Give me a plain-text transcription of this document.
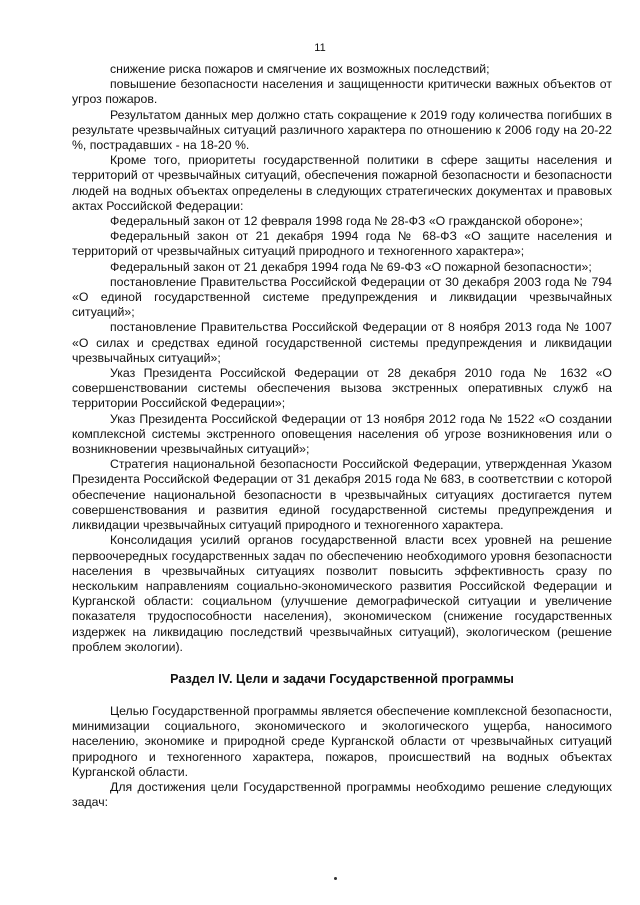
11

снижение риска пожаров и смягчение их возможных последствий;

повышение безопасности населения и защищенности критически важных объектов от угроз пожаров.

Результатом данных мер должно стать сокращение к 2019 году количества погибших в результате чрезвычайных ситуаций различного характера по отношению к 2006 году на 20-22 %, пострадавших - на 18-20 %.

Кроме того, приоритеты государственной политики в сфере защиты населения и территорий от чрезвычайных ситуаций, обеспечения пожарной безопасности и безопасности людей на водных объектах определены в следующих стратегических документах и правовых актах Российской Федерации:

Федеральный закон от 12 февраля 1998 года № 28-ФЗ «О гражданской обороне»;

Федеральный закон от 21 декабря 1994 года № 68-ФЗ «О защите населения и территорий от чрезвычайных ситуаций природного и техногенного характера»;

Федеральный закон от 21 декабря 1994 года № 69-ФЗ «О пожарной безопасности»;

постановление Правительства Российской Федерации от 30 декабря 2003 года № 794 «О единой государственной системе предупреждения и ликвидации чрезвычайных ситуаций»;

постановление Правительства Российской Федерации от 8 ноября 2013 года № 1007 «О силах и средствах единой государственной системы предупреждения и ликвидации чрезвычайных ситуаций»;

Указ Президента Российской Федерации от 28 декабря 2010 года № 1632 «О совершенствовании системы обеспечения вызова экстренных оперативных служб на территории Российской Федерации»;

Указ Президента Российской Федерации от 13 ноября 2012 года № 1522 «О создании комплексной системы экстренного оповещения населения об угрозе возникновения или о возникновении чрезвычайных ситуаций»;

Стратегия национальной безопасности Российской Федерации, утвержденная Указом Президента Российской Федерации от 31 декабря 2015 года № 683, в соответствии с которой обеспечение национальной безопасности в чрезвычайных ситуациях достигается путем совершенствования и развития единой государственной системы предупреждения и ликвидации чрезвычайных ситуаций природного и техногенного характера.

Консолидация усилий органов государственной власти всех уровней на решение первоочередных государственных задач по обеспечению необходимого уровня безопасности населения в чрезвычайных ситуациях позволит повысить эффективность сразу по нескольким направлениям социально-экономического развития Российской Федерации и Курганской области: социальном (улучшение демографической ситуации и увеличение показателя трудоспособности населения), экономическом (снижение государственных издержек на ликвидацию последствий чрезвычайных ситуаций), экологическом (решение проблем экологии).

Раздел IV. Цели и задачи Государственной программы

Целью Государственной программы является обеспечение комплексной безопасности, минимизации социального, экономического и экологического ущерба, наносимого населению, экономике и природной среде Курганской области от чрезвычайных ситуаций природного и техногенного характера, пожаров, происшествий на водных объектах Курганской области.

Для достижения цели Государственной программы необходимо решение следующих задач:
